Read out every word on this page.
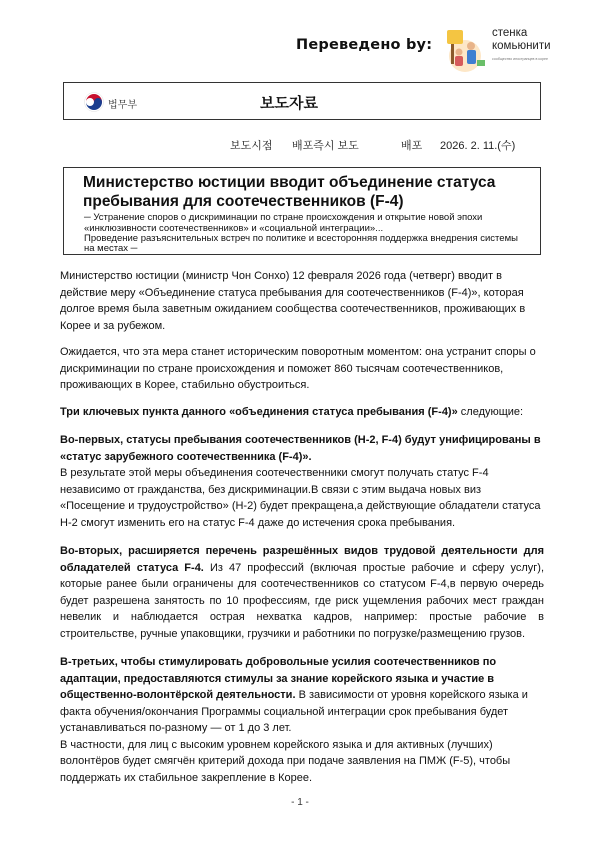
Переведено by:
стенка
комьюнити
сообщество иностранцев в корее
법무부	보도자료
보도시점 배포즉시 보도	배포 2026. 2. 11.(수)
Министерство юстиции вводит объединение статуса пребывания для соотечественников (F-4)
─ Устранение споров о дискриминации по стране происхождения и открытие новой эпохи «инклюзивности соотечественников» и «социальной интеграции»...
Проведение разъяснительных встреч по политике и всесторонняя поддержка внедрения системы на местах ─

Министерство юстиции (министр Чон Сонхо) 12 февраля 2026 года (четверг) вводит в действие меру «Объединение статуса пребывания для соотечественников (F-4)», которая долгое время была заветным ожиданием сообщества соотечественников, проживающих в Корее и за рубежом.

Ожидается, что эта мера станет историческим поворотным моментом: она устранит споры о дискриминации по стране происхождения и поможет 860 тысячам соотечественников, проживающих в Корее, стабильно обустроиться.

Три ключевых пункта данного «объединения статуса пребывания (F-4)» следующие:

Во-первых, статусы пребывания соотечественников (H-2, F-4) будут унифицированы в «статус зарубежного соотечественника (F-4)».
В результате этой меры объединения соотечественники смогут получать статус F-4 независимо от гражданства, без дискриминации.В связи с этим выдача новых виз «Посещение и трудоустройство» (H-2) будет прекращена,а действующие обладатели статуса H-2 смогут изменить его на статус F-4 даже до истечения срока пребывания.

Во-вторых, расширяется перечень разрешённых видов трудовой деятельности для обладателей статуса F-4. Из 47 профессий (включая простые рабочие и сферу услуг), которые ранее были ограничены для соотечественников со статусом F-4,в первую очередь будет разрешена занятость по 10 профессиям, где риск ущемления рабочих мест граждан невелик и наблюдается острая нехватка кадров, например: простые рабочие в строительстве, ручные упаковщики, грузчики и работники по погрузке/размещению грузов.

В-третьих, чтобы стимулировать добровольные усилия соотечественников по адаптации, предоставляются стимулы за знание корейского языка и участие в общественно-волонтёрской деятельности. В зависимости от уровня корейского языка и факта обучения/окончания Программы социальной интеграции срок пребывания будет устанавливаться по-разному — от 1 до 3 лет.

В частности, для лиц с высоким уровнем корейского языка и для активных (лучших) волонтёров будет смягчён критерий дохода при подаче заявления на ПМЖ (F-5), чтобы поддержать их стабильное закрепление в Корее.

- 1 -
